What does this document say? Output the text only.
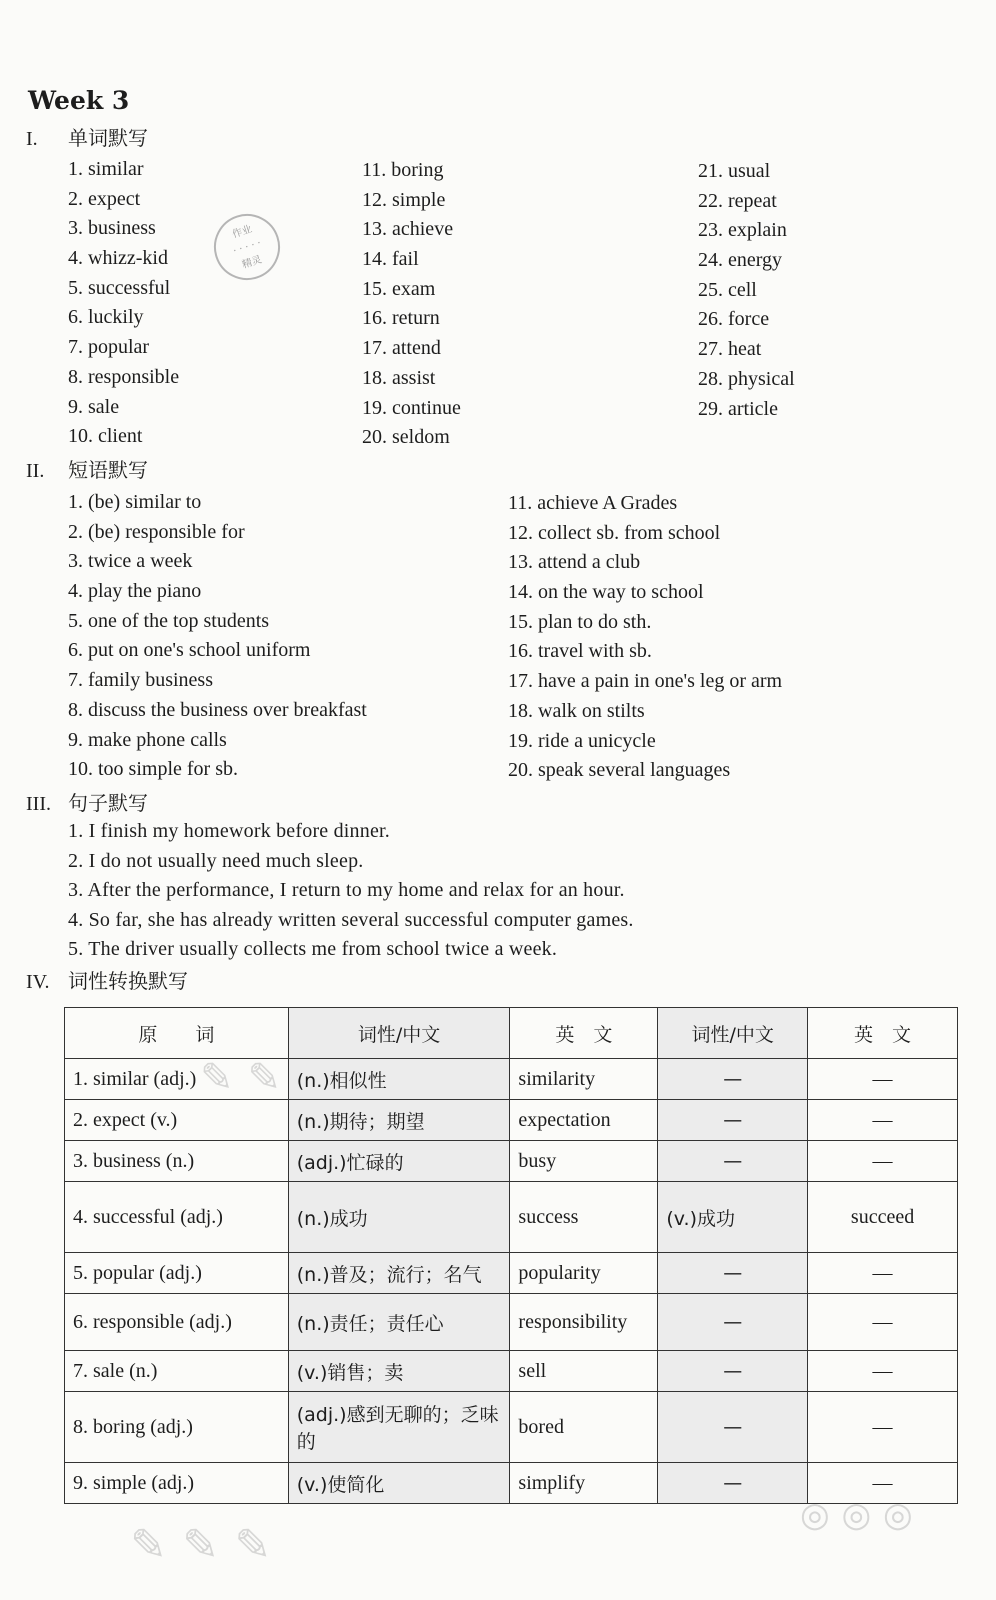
Week 3
I. 单词默写
1. similar
2. expect
3. business
4. whizz-kid
5. successful
6. luckily
7. popular
8. responsible
9. sale
10. client
11. boring
12. simple
13. achieve
14. fail
15. exam
16. return
17. attend
18. assist
19. continue
20. seldom
21. usual
22. repeat
23. explain
24. energy
25. cell
26. force
27. heat
28. physical
29. article
作业
· · · · ·
精灵
II. 短语默写
1. (be) similar to
2. (be) responsible for
3. twice a week
4. play the piano
5. one of the top students
6. put on one's school uniform
7. family business
8. discuss the business over breakfast
9. make phone calls
10. too simple for sb.
11. achieve A Grades
12. collect sb. from school
13. attend a club
14. on the way to school
15. plan to do sth.
16. travel with sb.
17. have a pain in one's leg or arm
18. walk on stilts
19. ride a unicycle
20. speak several languages
III. 句子默写
1. I finish my homework before dinner.
2. I do not usually need much sleep.
3. After the performance, I return to my home and relax for an hour.
4. So far, she has already written several successful computer games.
5. The driver usually collects me from school twice a week.
IV. 词性转换默写
原　　词	词性/中文	英　文	词性/中文	英　文
1. similar (adj.)	(n.)相似性	similarity	—	—
2. expect (v.)	(n.)期待；期望	expectation	—	—
3. business (n.)	(adj.)忙碌的	busy	—	—
4. successful (adj.)	(n.)成功	success	(v.)成功	succeed
5. popular (adj.)	(n.)普及；流行；名气	popularity	—	—
6. responsible (adj.)	(n.)责任；责任心	responsibility	—	—
7. sale (n.)	(v.)销售；卖	sell	—	—
8. boring (adj.)	(adj.)感到无聊的；乏味的	bored	—	—
9. simple (adj.)	(v.)使简化	simplify	—	—
✎ ✎
✎ ✎ ✎
◎ ◎ ◎
